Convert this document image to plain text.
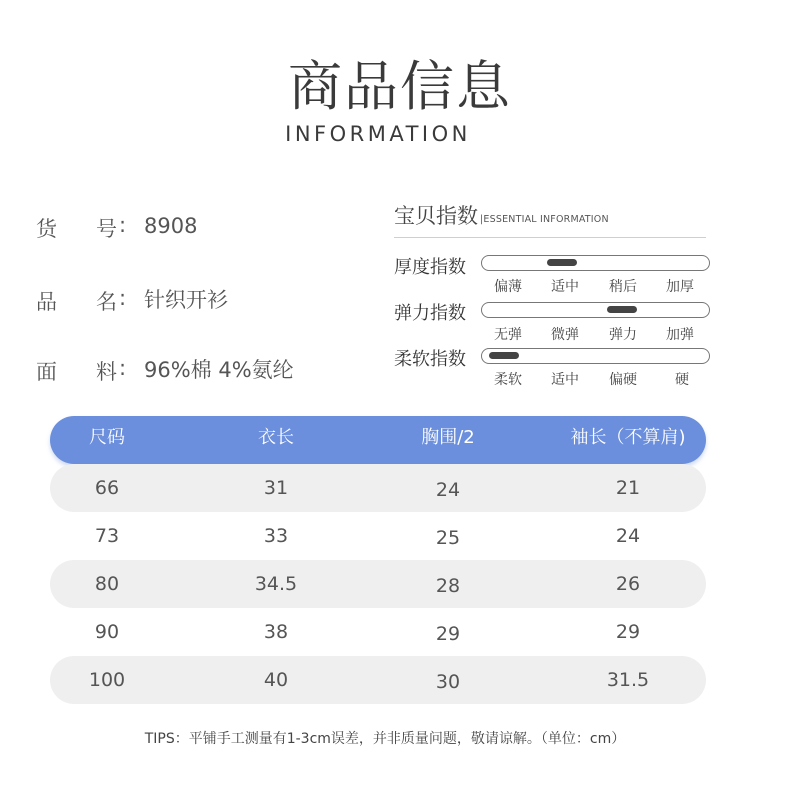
商品信息
INFORMATION
货 号 : 8908
品 名 : 针织开衫
面 料 : 96%棉 4%氨纶
宝贝指数 |ESSENTIAL INFORMATION
厚度指数
偏薄 适中 稍后 加厚
弹力指数
无弹 微弹 弹力 加弹
柔软指数
柔软 适中 偏硬	硬
尺码	衣长	胸围/2	袖长（不算肩)
66	31	24	21
73	33	25	24
80	34.5	28	26
90	38	29	29
100	40	30	31.5
TIPS：平铺手工测量有1-3cm误差，并非质量问题，敬请谅解。（单位：cm）
